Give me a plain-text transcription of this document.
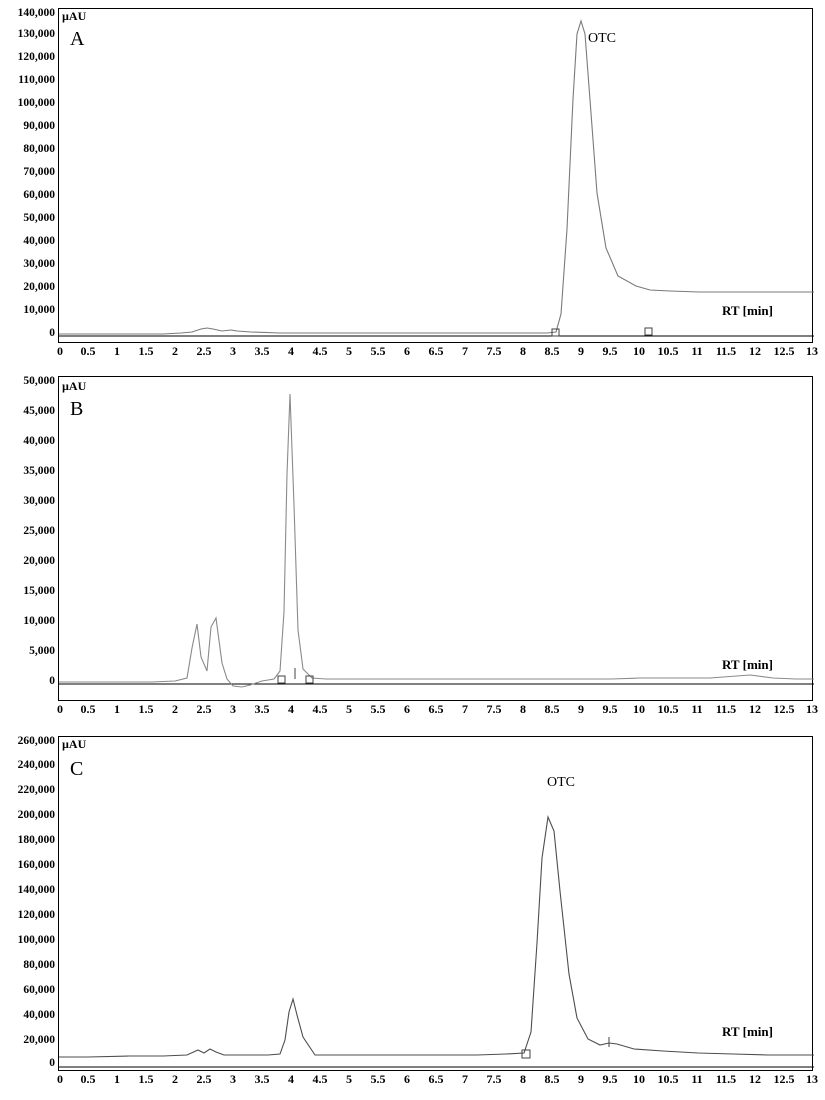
140,000
130,000
120,000
110,000
100,000
90,000
80,000
70,000
60,000
50,000
40,000
30,000
20,000
10,000
0
µAU
A
RT [min]
OTC
0 0.5 1 1.5 2 2.5 3 3.5 4 4.5 5 5.5 6 6.5 7 7.5 8 8.5 9 9.5 10 10.5 11 11.5 12 12.5 13
50,000
45,000
40,000
35,000
30,000
25,000
20,000
15,000
10,000
5,000
0
µAU
B
RT [min]
0 0.5 1 1.5 2 2.5 3 3.5 4 4.5 5 5.5 6 6.5 7 7.5 8 8.5 9 9.5 10 10.5 11 11.5 12 12.5 13
260,000
240,000
220,000
200,000
180,000
160,000
140,000
120,000
100,000
80,000
60,000
40,000
20,000
0
µAU
C
RT [min]
OTC
0 0.5 1 1.5 2 2.5 3 3.5 4 4.5 5 5.5 6 6.5 7 7.5 8 8.5 9 9.5 10 10.5 11 11.5 12 12.5 13
